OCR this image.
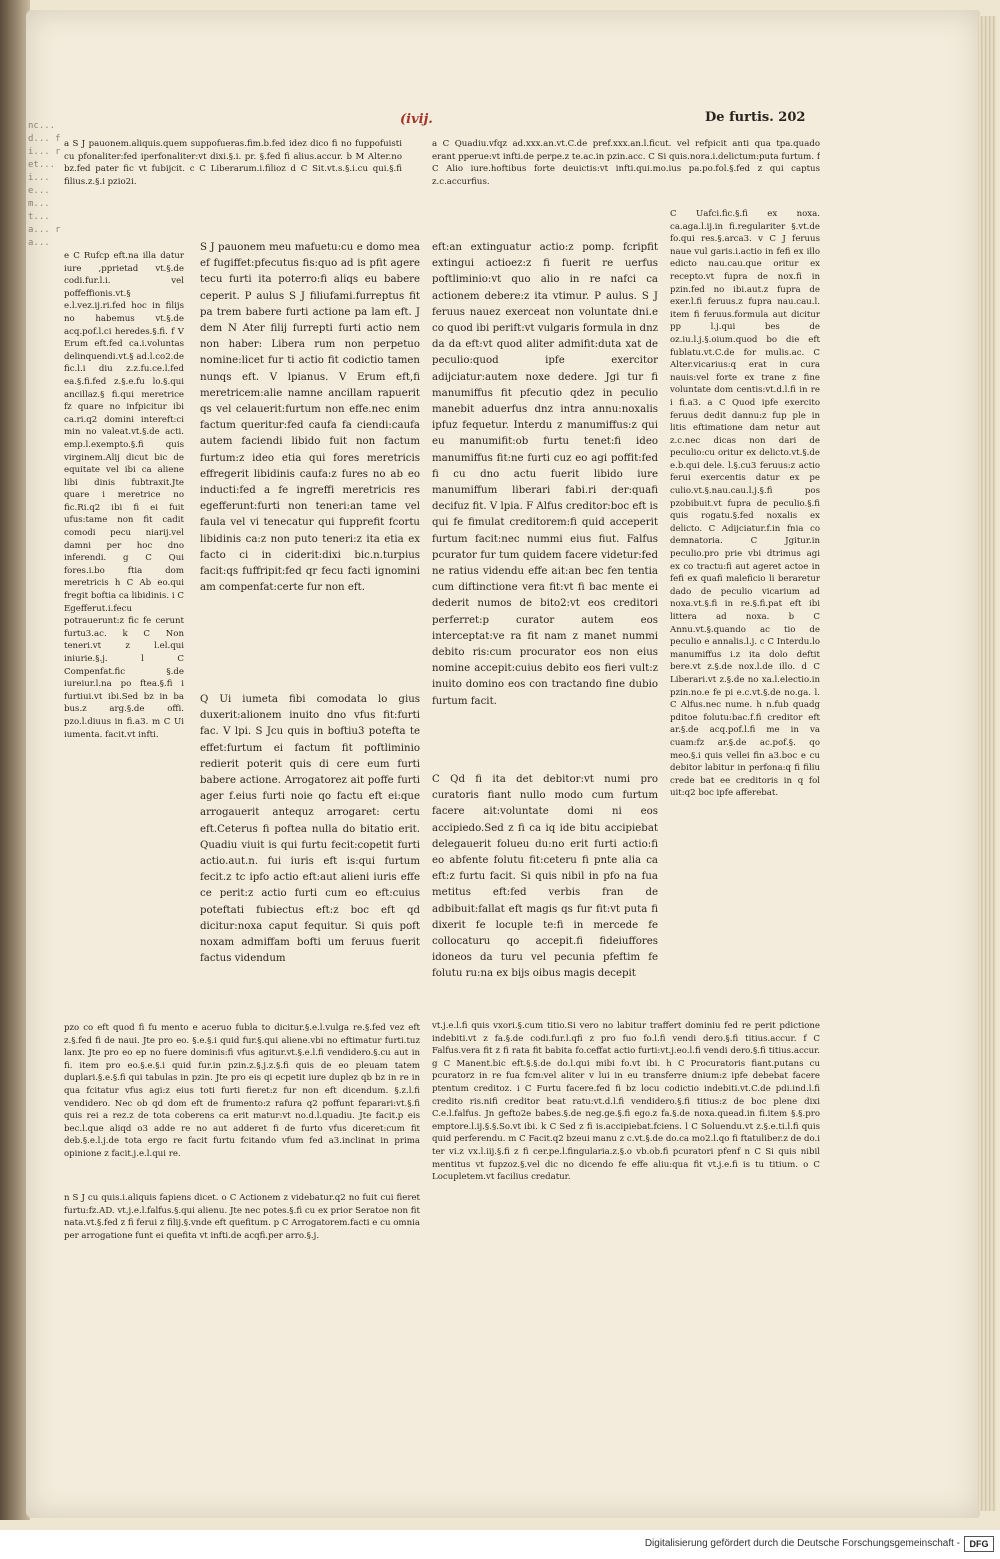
nc... d... fi... ret... i... e... m... t... a... ra...
(ivij.	De furtis. 202

a S J pauonem.aliquis.quem suppofueras.fim.b.fed idez dico fi no fuppofuisti cu pfonaliter:fed iperfonaliter:vt dixi.§.i. pr. §.fed fi alius.accur. b M Alter.no bz.fed pater fic vt fubijcit. c C Liberarum.i.filioz d C Sit.vt.s.§.i.cu qui.§.fi filius.z.§.i pzio2i.

a C Quadiu.vfqz ad.xxx.an.vt.C.de pref.xxx.an.l.ficut. vel refpicit anti qua tpa.quado erant pperue:vt infti.de perpe.z te.ac.in pzin.acc. C Si quis.nora.i.delictum:puta furtum. f C Alio iure.hoftibus forte deuictis:vt infti.qui.mo.ius pa.po.fol.§.fed z qui captus z.c.accurfius.

e C Rufcp eft.na illa datur iure ,pprietad vt.§.de codi.fur.l.i. vel poffeffionis.vt.§ e.l.vez.ij.ri.fed hoc in filijs no habemus vt.§.de acq.pof.l.ci heredes.§.fi. f V Erum eft.fed ca.i.voluntas delinquendi.vt.§ ad.l.co2.de fic.l.i diu z.z.fu.ce.l.fed ea.§.fi.fed z.§.e.fu lo.§.qui ancillaz.§ fi.qui meretrice fz quare no infpicitur ibi ca.ri.q2 domini intereft:ci min no valeat.vt.§.de acti. emp.l.exempto.§.fi quis virginem.Alij dicut bic de equitate vel ibi ca aliene libi dinis fubtraxit.Jte quare i meretrice no fic.Ri.q2 ibi fi ei fuit ufus:tame non fit cadit comodi pecu niarij.vel damni per hoc dno inferendi. g C Qui fores.i.bo ftia dom meretricis h C Ab eo.qui fregit boftia ca libidinis. i C Egefferut.i.fecu potrauerunt:z fic fe cerunt furtu3.ac. k C Non teneri.vt z l.el.qui iniurie.§.j. l C Compenfat.fic §.de iureiur.l.na po ftea.§.fi i furtiui.vt ibi.Sed bz in ba bus.z arg.§.de offi. pzo.l.diuus in fi.a3. m C Ui iumenta. facit.vt infti.

S J pauonem meu mafuetu:cu e domo mea ef fugiffet:pfecutus fis:quo ad is pfit agere tecu furti ita poterro:fi aliqs eu babere ceperit. P aulus S J filiufami.furreptus fit pa trem babere furti actione pa lam eft. J dem N Ater filij furrepti furti actio nem non haber: Libera rum non perpetuo nomine:licet fur ti actio fit codictio tamen nunqs eft. V lpianus. V Erum eft,fi meretricem:alie namne ancillam rapuerit qs vel celauerit:furtum non effe.nec enim factum queritur:fed caufa fa ciendi:caufa autem faciendi libido fuit non factum furtum:z ideo etia qui fores meretricis effregerit libidinis caufa:z fures no ab eo inducti:fed a fe ingreffi meretricis res egefferunt:furti non teneri:an tame vel faula vel vi tenecatur qui fupprefit fcortu libidinis ca:z non puto teneri:z ita etia ex facto ci in ciderit:dixi bic.n.turpius facit:qs fuffripit:fed qr fecu facti ignomini am compenfat:certe fur non eft.

Q Ui iumeta fibi comodata lo gius duxerit:alionem inuito dno vfus fit:furti fac. V lpi. S Jcu quis in boftiu3 potefta te effet:furtum ei factum fit poftliminio redierit poterit quis di cere eum furti babere actione. Arrogatorez ait poffe furti ager f.eius furti noie qo factu eft ei:que arrogauerit antequz arrogaret: certu eft.Ceterus fi poftea nulla do bitatio erit. Quadiu viuit is qui furtu fecit:copetit furti actio.aut.n. fui iuris eft is:qui furtum fecit.z tc ipfo actio eft:aut alieni iuris effe ce perit:z actio furti cum eo eft:cuius poteftati fubiectus eft:z boc eft qd dicitur:noxa caput fequitur. Si quis poft noxam admiffam bofti um feruus fuerit factus videndum

eft:an extinguatur actio:z pomp. fcripfit extingui actioez:z fi fuerit re uerfus poftliminio:vt quo alio in re nafci ca actionem debere:z ita vtimur. P aulus. S J feruus nauez exerceat non voluntate dni.e co quod ibi perift:vt vulgaris formula in dnz da da eft:vt quod aliter admifit:duta xat de peculio:quod ipfe exercitor adijciatur:autem noxe dedere. Jgi tur fi manumiffus fit pfecutio qdez in peculio manebit aduerfus dnz intra annu:noxalis ipfuz fequetur. Interdu z manumiffus:z qui eu manumifit:ob furtu tenet:fi ideo manumiffus fit:ne furti cuz eo agi poffit:fed fi cu dno actu fuerit libido iure manumiffum liberari fabi.ri der:quafi decifuz fit. V lpia. F Alfus creditor:boc eft is qui fe fimulat creditorem:fi quid acceperit furtum facit:nec nummi eius fiut. Falfus pcurator fur tum quidem facere videtur:fed ne ratius videndu effe ait:an bec fen tentia cum diftinctione vera fit:vt fi bac mente ei dederit numos de bito2:vt eos creditori perferret:p curator autem eos interceptat:ve ra fit nam z manet nummi debito ris:cum procurator eos non eius nomine accepit:cuius debito eos fieri vult:z inuito domino eos con tractando fine dubio furtum facit.

C Qd fi ita det debitor:vt numi pro curatoris fiant nullo modo cum furtum facere ait:voluntate domi ni eos accipiedo.Sed z fi ca iq ide bitu accipiebat delegauerit folueu du:no erit furti actio:fi eo abfente folutu fit:ceteru fi pnte alia ca eft:z furtu facit. Si quis nibil in pfo na fua metitus eft:fed verbis fran de adbibuit:fallat eft magis qs fur fit:vt puta fi dixerit fe locuple te:fi in mercede fe collocaturu qo accepit.fi fideiuffores idoneos da turu vel pecunia pfeftim fe folutu ru:na ex bijs oibus magis decepit

C Uafci.fic.§.fi ex noxa. ca.aga.l.ij.in fi.regulariter §.vt.de fo.qui res.§.arca3. v C J feruus naue vul garis.i.actio in fefi ex illo edicto nau.cau.que oritur ex recepto.vt fupra de nox.fi in pzin.fed no ibi.aut.z fupra de exer.l.fi feruus.z fupra nau.cau.l. item fi feruus.formula aut dicitur pp l.j.qui bes de oz.iu.l.j.§.oium.quod bo die eft fublatu.vt.C.de for mulis.ac. C Alter.vicarius:q erat in cura nauis:vel forte ex trane z fine voluntate dom centis:vt.d.l.fi in re i fi.a3. a C Quod ipfe exercito feruus dedit dannu:z fup ple in litis eftimatione dam netur aut z.c.nec dicas non dari de peculio:cu oritur ex delicto.vt.§.de e.b.qui dele. l.§.cu3 feruus:z actio ferui exercentis datur ex pe culio.vt.§.nau.cau.l.j.§.fi pos pzobibuit.vt fupra de peculio.§.fi quis rogatu.§.fed noxalis ex delicto. C Adijciatur.f.in fnia co demnatoria. C Jgitur.in peculio.pro prie vbi dtrimus agi ex co tractu:fi aut ageret actoe in fefi ex quafi maleficio li beraretur dado de peculio vicarium ad noxa.vt.§.fi in re.§.fi.pat eft ibi littera ad noxa. b C Annu.vt.§.quando ac tio de peculio e annalis.l.j. c C Interdu.lo manumiffus i.z ita dolo deftit bere.vt z.§.de nox.l.de illo. d C Liberari.vt z.§.de no xa.l.electio.in pzin.no.e fe pi e.c.vt.§.de no.ga. l. C Alfus.nec nume. h n.fub quadg pditoe folutu:bac.f.fi creditor eft ar.§.de acq.pof.l.fi me in va cuam:fz ar.§.de ac.pof.§. qo meo.§.i quis vellei fin a3.boc e cu debitor labitur in perfona:q fi filiu crede bat ee creditoris in q fol uit:q2 boc ipfe afferebat.

pzo co eft quod fi fu mento e aceruo fubla to dicitur.§.e.l.vulga re.§.fed vez eft z.§.fed fi de naui. Jte pro eo. §.e.§.i quid fur.§.qui aliene.vbi no eftimatur furti.tuz lanx. Jte pro eo ep no fuere dominis:fi vfus agitur.vt.§.e.l.fi vendidero.§.cu aut in fi. item pro eo.§.e.§.i quid fur.in pzin.z.§.j.z.§.fi quis de eo pleuam tatem duplari.§.e.§.fi qui tabulas in pzin. Jte pro eis qi ecpetit iure duplez qb bz in re in qua fcitatur vfus agi:z eius toti furti fieret:z fur non eft dicendum. §.z.l.fi vendidero. Nec ob qd dom eft de frumento:z rafura q2 poffunt feparari:vt.§.fi quis rei a rez.z de tota coberens ca erit matur:vt no.d.l.quadiu. Jte facit.p eis bec.l.que aliqd o3 adde re no aut adderet fi de furto vfus diceret:cum fit deb.§.e.l.j.de tota ergo re facit furtu fcitando vfum fed a3.inclinat in prima opinione z facit.j.e.l.qui re.

n S J cu quis.i.aliquis fapiens dicet. o C Actionem z videbatur.q2 no fuit cui fieret furtu:fz.AD. vt.j.e.l.falfus.§.qui alienu. Jte nec potes.§.fi cu ex prior Seratoe non fit nata.vt.§.fed z fi ferui z filij.§.vnde eft quefitum. p C Arrogatorem.facti e cu omnia per arrogatione funt ei quefita vt infti.de acqfi.per arro.§.j.

vt.j.e.l.fi quis vxori.§.cum titio.Si vero no labitur traffert dominiu fed re perit pdictione indebiti.vt z fa.§.de codi.fur.l.qfi z pro fuo fo.l.fi vendi dero.§.fi titius.accur. f C Falfus.vera fit z fi rata fit babita fo.ceffat actio furti:vt.j.eo.l.fi vendi dero.§.fi titius.accur. g C Manent.bic eft.§.§.de do.l.qui mibi fo.vt ibi. h C Procuratoris fiant.putans cu pcuratorz in re fua fcm:vel aliter v lui in eu transferre dnium:z ipfe debebat facere ptentum creditoz. i C Furtu facere.fed fi bz locu codictio indebiti.vt.C.de pdi.ind.l.fi credito ris.nifi creditor beat ratu:vt.d.l.fi vendidero.§.fi titius:z de boc plene dixi C.e.l.falfus. Jn gefto2e babes.§.de neg.ge.§.fi ego.z fa.§.de noxa.quead.in fi.item §.§.pro emptore.l.ij.§.§.So.vt ibi. k C Sed z fi is.accipiebat.fciens. l C Soluendu.vt z.§.e.ti.l.fi quis quid perferendu. m C Facit.q2 bzeui manu z c.vt.§.de do.ca mo2.l.qo fi ftatuliber.z de do.i ter vi.z vx.l.iij.§.fi z fi cer.pe.l.fingularia.z.§.o vb.ob.fi pcuratori pfenf n C Si quis nibil mentitus vt fupzoz.§.vel dic no dicendo fe effe aliu:qua fit vt.j.e.fi is tu titium. o C Locupletem.vt facilius credatur.

Digitalisierung gefördert durch die Deutsche Forschungsgemeinschaft -	DFG
